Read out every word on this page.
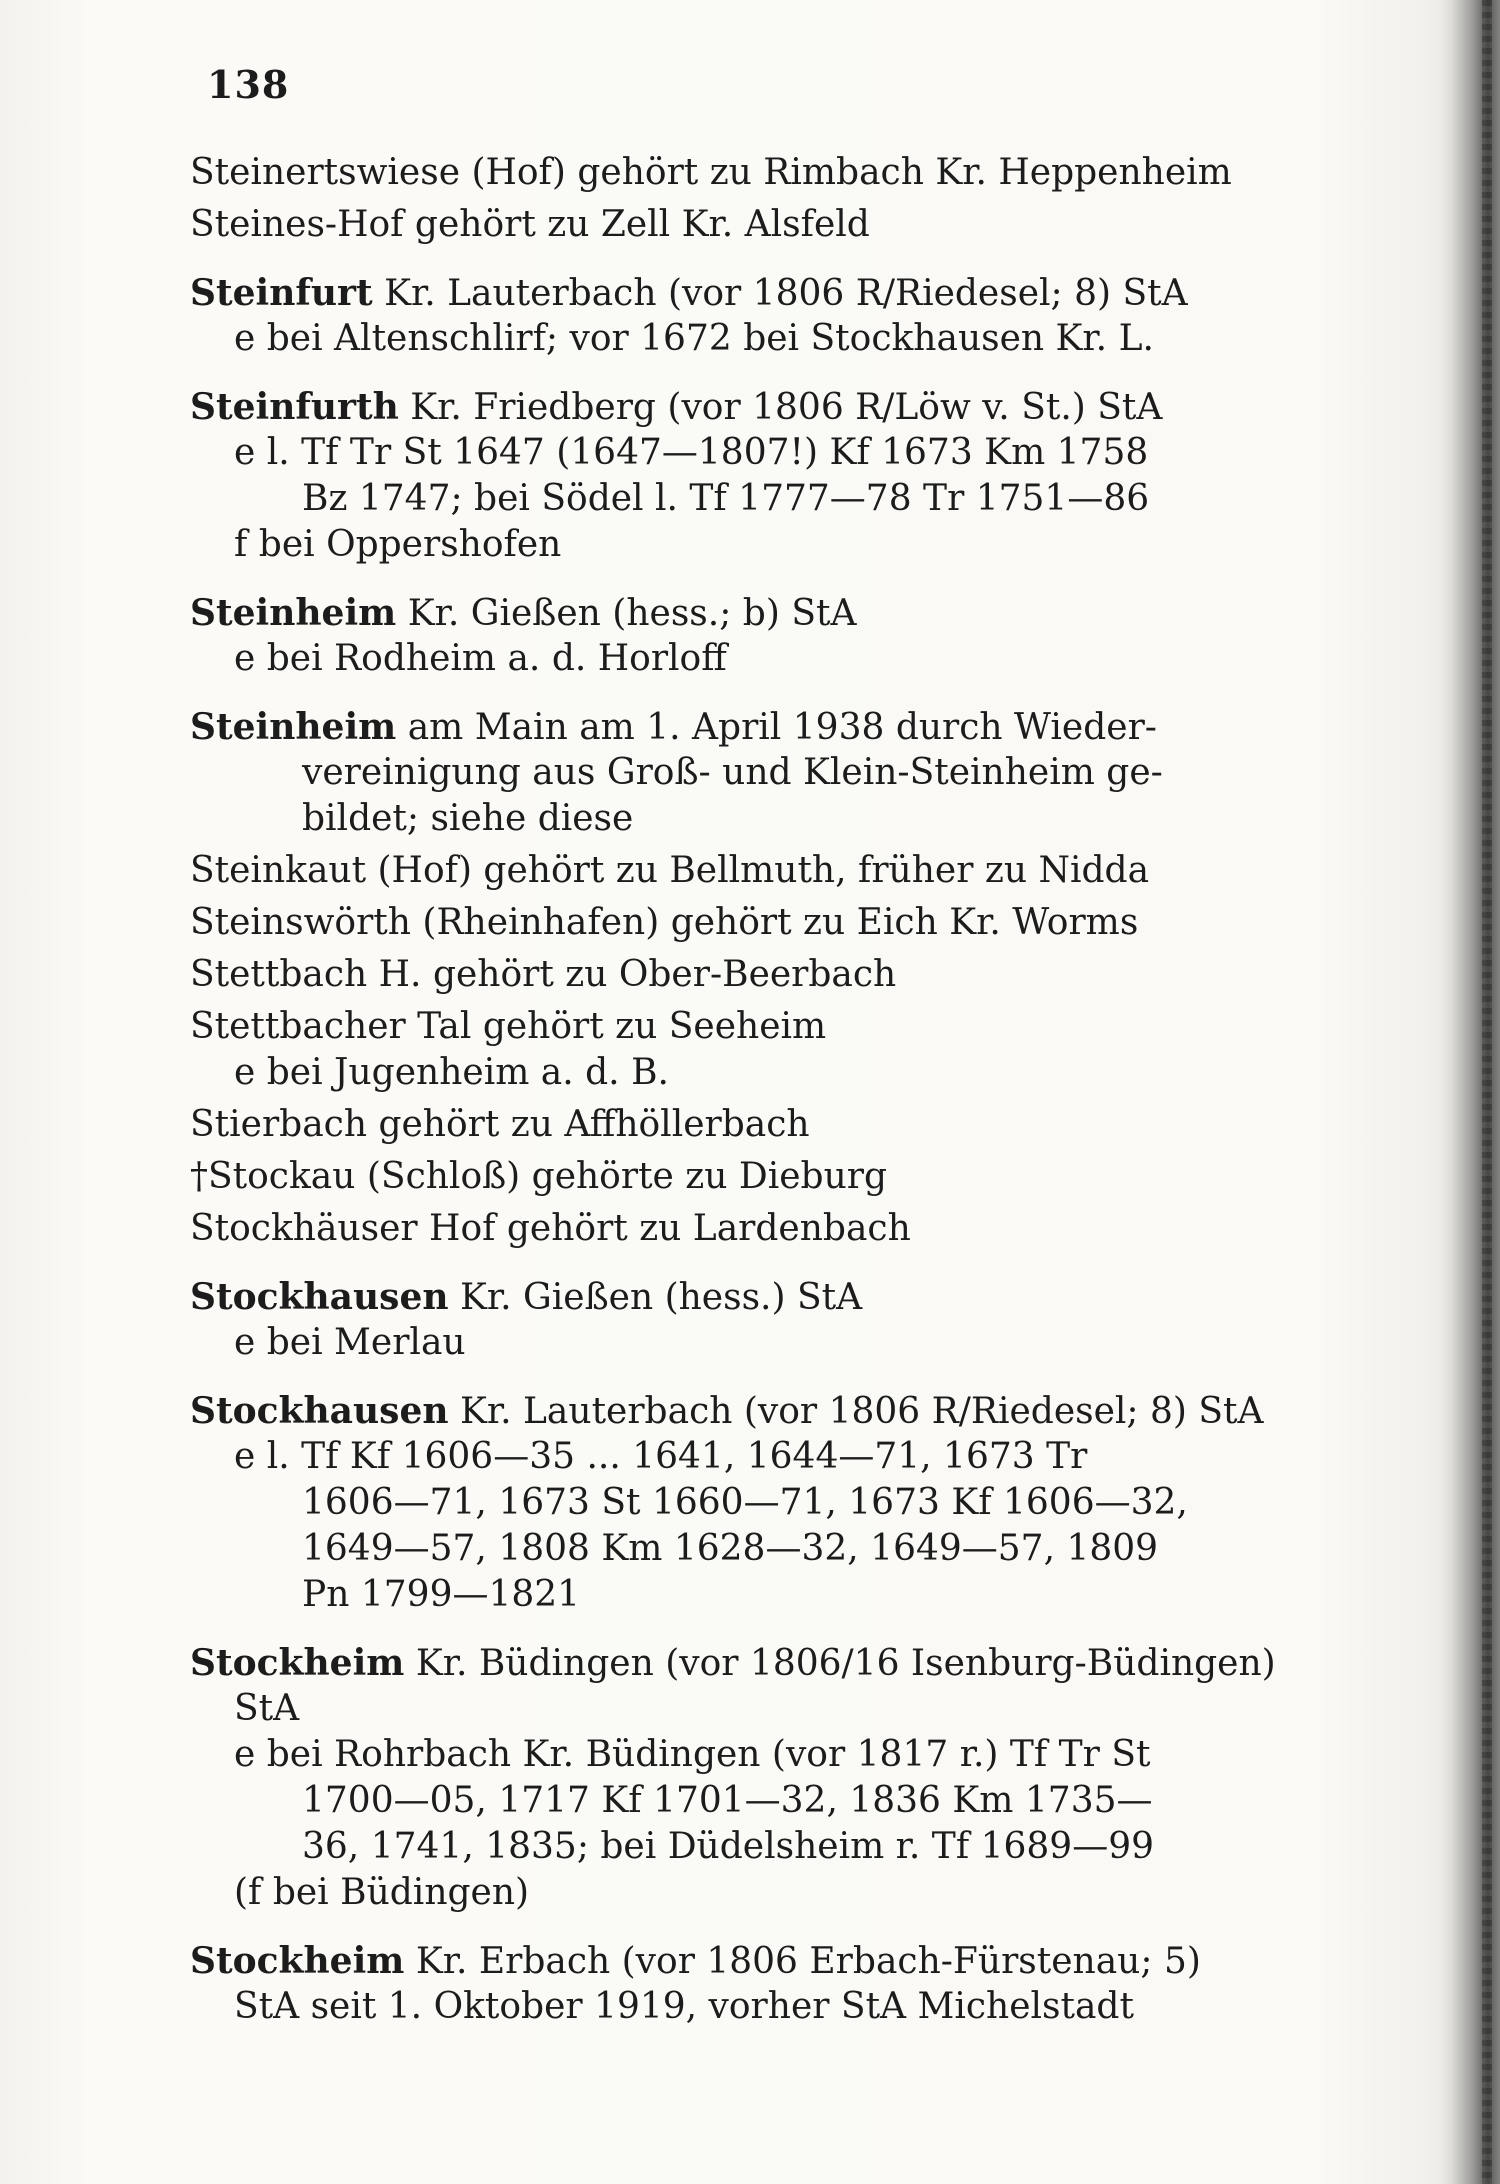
138
Steinertswiese (Hof) gehört zu Rimbach Kr. Heppenheim
Steines-Hof gehört zu Zell Kr. Alsfeld
Steinfurt Kr. Lauterbach (vor 1806 R/Riedesel; 8) StA
e bei Altenschlirf; vor 1672 bei Stockhausen Kr. L.
Steinfurth Kr. Friedberg (vor 1806 R/Löw v. St.) StA
e l. Tf Tr St 1647 (1647—1807!) Kf 1673 Km 1758
Bz 1747; bei Södel l. Tf 1777—78 Tr 1751—86
f bei Oppershofen
Steinheim Kr. Gießen (hess.; b) StA
e bei Rodheim a. d. Horloff
Steinheim am Main am 1. April 1938 durch Wieder-
vereinigung aus Groß- und Klein-Steinheim ge-
bildet; siehe diese
Steinkaut (Hof) gehört zu Bellmuth, früher zu Nidda
Steinswörth (Rheinhafen) gehört zu Eich Kr. Worms
Stettbach H. gehört zu Ober-Beerbach
Stettbacher Tal gehört zu Seeheim
e bei Jugenheim a. d. B.
Stierbach gehört zu Affhöllerbach
†Stockau (Schloß) gehörte zu Dieburg
Stockhäuser Hof gehört zu Lardenbach
Stockhausen Kr. Gießen (hess.) StA
e bei Merlau
Stockhausen Kr. Lauterbach (vor 1806 R/Riedesel; 8) StA
e l. Tf Kf 1606—35 ... 1641, 1644—71, 1673 Tr
1606—71, 1673 St 1660—71, 1673 Kf 1606—32,
1649—57, 1808 Km 1628—32, 1649—57, 1809
Pn 1799—1821
Stockheim Kr. Büdingen (vor 1806/16 Isenburg-Büdingen)
StA
e bei Rohrbach Kr. Büdingen (vor 1817 r.) Tf Tr St
1700—05, 1717 Kf 1701—32, 1836 Km 1735—
36, 1741, 1835; bei Düdelsheim r. Tf 1689—99
(f bei Büdingen)
Stockheim Kr. Erbach (vor 1806 Erbach-Fürstenau; 5)
StA seit 1. Oktober 1919, vorher StA Michelstadt
